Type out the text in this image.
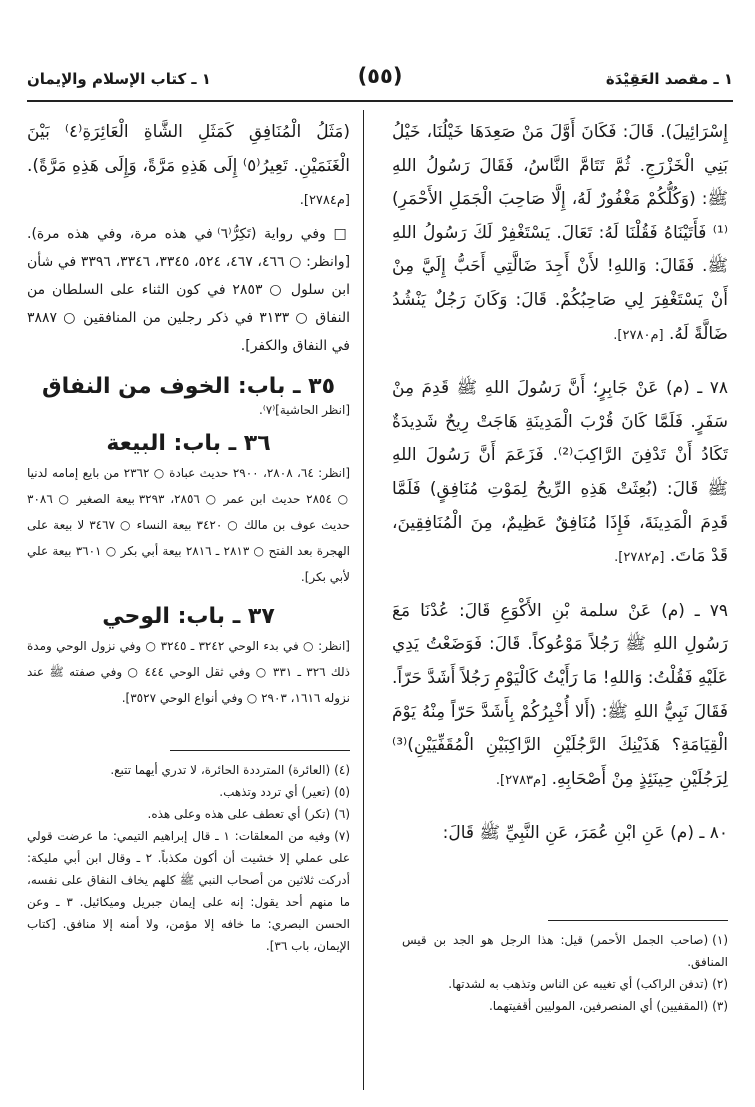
١ ـ مقصد العَقِيْدَة
(٥٥)
١ ـ كتاب الإسلام والإيمان

إِسْرَائِيلَ). قَالَ: فَكَانَ أَوَّلَ مَنْ صَعِدَهَا خَيْلُنَا، خَيْلُ بَنِي الْخَزْرَجِ. ثُمَّ تَتَامَّ النَّاسُ، فَقَالَ رَسُولُ اللهِ ﷺ: (وَكُلُّكُمْ مَغْفُورٌ لَهُ، إِلَّا صَاحِبَ الْجَمَلِ الأَحْمَرِ)⁽¹⁾ فَأَتَيْنَاهُ فَقُلْنَا لَهُ: تَعَالَ. يَسْتَغْفِرْ لَكَ رَسُولُ اللهِ ﷺ. فَقَالَ: وَاللهِ! لأَنْ أَجِدَ ضَالَّتِي أَحَبُّ إِلَيَّ مِنْ أَنْ يَسْتَغْفِرَ لِي صَاحِبُكُمْ. قَالَ: وَكَانَ رَجُلٌ يَنْشُدُ ضَالَّةً لَهُ. [م٢٧٨٠].

٧٨ ـ (م) عَنْ جَابِرٍ؛ أَنَّ رَسُولَ اللهِ ﷺ قَدِمَ مِنْ سَفَرٍ. فَلَمَّا كَانَ قُرْبَ الْمَدِينَةِ هَاجَتْ رِيحٌ شَدِيدَةٌ تَكَادُ أَنْ تَدْفِنَ الرَّاكِبَ⁽²⁾. فَزَعَمَ أَنَّ رَسُولَ اللهِ ﷺ قَالَ: (بُعِثَتْ هَذِهِ الرِّيحُ لِمَوْتِ مُنَافِقٍ) فَلَمَّا قَدِمَ الْمَدِينَةَ، فَإِذَا مُنَافِقٌ عَظِيمٌ، مِنَ الْمُنَافِقِينَ، قَدْ مَاتَ. [م٢٧٨٢].

٧٩ ـ (م) عَنْ سلمة بْنِ الأَكْوَعِ قَالَ: عُدْنَا مَعَ رَسُولِ اللهِ ﷺ رَجُلاً مَوْعُوكاً. قَالَ: فَوَضَعْتُ يَدِي عَلَيْهِ فَقُلْتُ: وَاللهِ! مَا رَأَيْتُ كَالْيَوْمِ رَجُلاً أَشَدَّ حَرّاً. فَقَالَ نَبِيُّ اللهِ ﷺ: (أَلا أُخْبِرُكُمْ بِأَشَدَّ حَرّاً مِنْهُ يَوْمَ الْقِيَامَةِ؟ هَذَيْنِكَ الرَّجُلَيْنِ الرَّاكِبَيْنِ الْمُقَفِّيَيْنِ)⁽³⁾ لِرَجُلَيْنِ حِينَئِذٍ مِنْ أَصْحَابِهِ. [م٢٧٨٣].

٨٠ ـ (م) عَنِ ابْنِ عُمَرَ، عَنِ النَّبِيِّ ﷺ قَالَ:

(١)(صاحب الجمل الأحمر) قيل: هذا الرجل هو الجد بن قيس المنافق.

(٢)(تدفن الراكب) أي تغيبه عن الناس وتذهب به لشدتها.

(٣)(المقفيين) أي المنصرفين، الموليين أقفيتهما.

(مَثَلُ الْمُنَافِقِ كَمَثَلِ الشَّاةِ الْعَائِرَةِ⁽٤⁾ بَيْنَ الْغَنَمَيْنِ. تَعِيرُ⁽٥⁾ إِلَى هَذِهِ مَرَّةً، وَإِلَى هَذِهِ مَرَّةً). [م٢٧٨٤].

□ وفي رواية (تَكِرُّ⁽٦⁾ في هذه مرة، وفي هذه مرة). [وانظر: ○ ٤٦٦، ٤٦٧، ٥٢٤، ٣٣٤٥، ٣٣٤٦، ٣٣٩٦ في شأن ابن سلول ○ ٢٨٥٣ في كون الثناء على السلطان من النفاق ○ ٣١٣٣ في ذكر رجلين من المنافقين ○ ٣٨٨٧ في النفاق والكفر].

٣٥ ـ باب: الخوف من النفاق

[انظر الحاشية]⁽٧⁾.

٣٦ ـ باب: البيعة

[انظر: ٦٤، ٢٨٠٨، ٢٩٠٠ حديث عبادة ○ ٢٣٦٢ من بايع إمامه لدنيا ○ ٢٨٥٤ حديث ابن عمر ○ ٢٨٥٦، ٣٢٩٣ بيعة الصغير ○ ٣٠٨٦ حديث عوف بن مالك ○ ٣٤٢٠ بيعة النساء ○ ٣٤٦٧ لا بيعة على الهجرة بعد الفتح ○ ٢٨١٣ ـ ٢٨١٦ بيعة أبي بكر ○ ٣٦٠١ بيعة علي لأبي بكر].

٣٧ ـ باب: الوحي

[انظر: ○ في بدء الوحي ٣٢٤٢ ـ ٣٢٤٥ ○ وفي نزول الوحي ومدة ذلك ٣٢٦ ـ ٣٣١ ○ وفي ثقل الوحي ٤٤٤ ○ وفي صفته ﷺ عند نزوله ١٦١٦، ٢٩٠٣ ○ وفي أنواع الوحي ٣٥٢٧].

(٤)(العائرة) المترددة الحائرة، لا تدري أيهما تتبع.

(٥)(تعير) أي تردد وتذهب.

(٦)(تكر) أي تعطف على هذه وعلى هذه.

(٧)وفيه من المعلقات: ١ ـ قال إبراهيم التيمي: ما عرضت قولي على عملي إلا خشيت أن أكون مكذباً. ٢ ـ وقال ابن أبي مليكة: أدركت ثلاثين من أصحاب النبي ﷺ كلهم يخاف النفاق على نفسه، ما منهم أحد يقول: إنه على إيمان جبريل وميكائيل. ٣ ـ وعن الحسن البصري: ما خافه إلا مؤمن، ولا أمنه إلا منافق. [كتاب الإيمان، باب ٣٦].
